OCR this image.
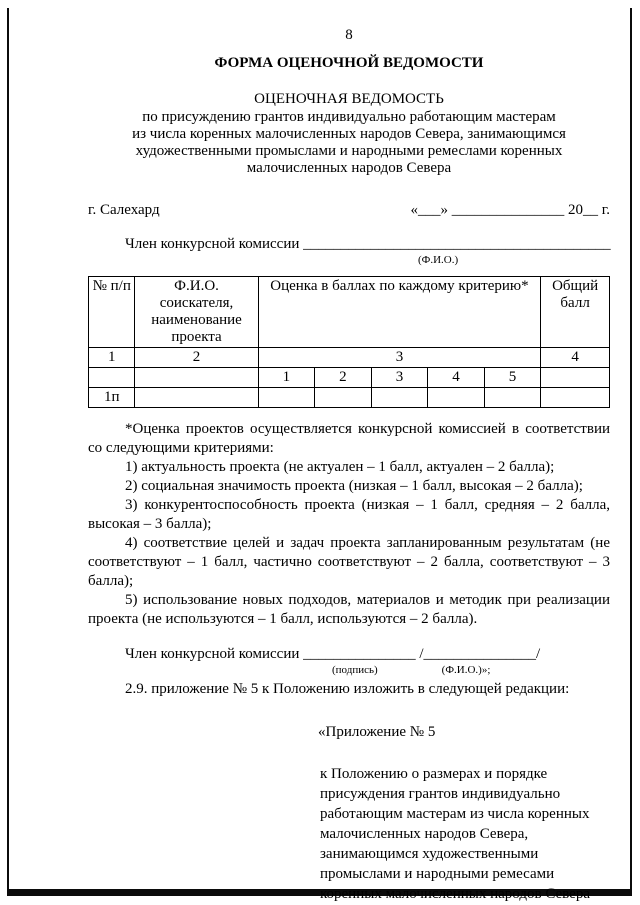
8
ФОРМА ОЦЕНОЧНОЙ ВЕДОМОСТИ
ОЦЕНОЧНАЯ ВЕДОМОСТЬ
по присуждению грантов индивидуально работающим мастерам
из числа коренных малочисленных народов Севера, занимающимся
художественными промыслами и народными ремеслами коренных
малочисленных народов Севера
г. Салехард	«___» _______________ 20__ г.
Член конкурсной комиссии _________________________________________
(Ф.И.О.)
№ п/п	Ф.И.О. соискателя, наименование проекта	Оценка в баллах по каждому критерию*					Общий балл
1	2	3					4
		1	2	3	4	5	
1п							

*Оценка проектов осуществляется конкурсной комиссией в соответствии со следующими критериями:

1) актуальность проекта (не актуален – 1 балл, актуален – 2 балла);

2) социальная значимость проекта (низкая – 1 балл, высокая – 2 балла);

3) конкурентоспособность проекта (низкая – 1 балл, средняя – 2 балла, высокая – 3 балла);

4) соответствие целей и задач проекта запланированным результатам (не соответствуют – 1 балл, частично соответствуют – 2 балла, соответствуют – 3 балла);

5) использование новых подходов, материалов и методик при реализации проекта (не используются – 1 балл, используются – 2 балла).

Член конкурсной комиссии _______________ /_______________/
(подпись)	(Ф.И.О.)»;

2.9. приложение № 5 к Положению изложить в следующей редакции:

«Приложение № 5
к Положению о размерах и порядке
присуждения грантов индивидуально
работающим мастерам из числа коренных
малочисленных народов Севера,
занимающимся художественными
промыслами и народными ремесами
коренных малочисленных народов Севера
